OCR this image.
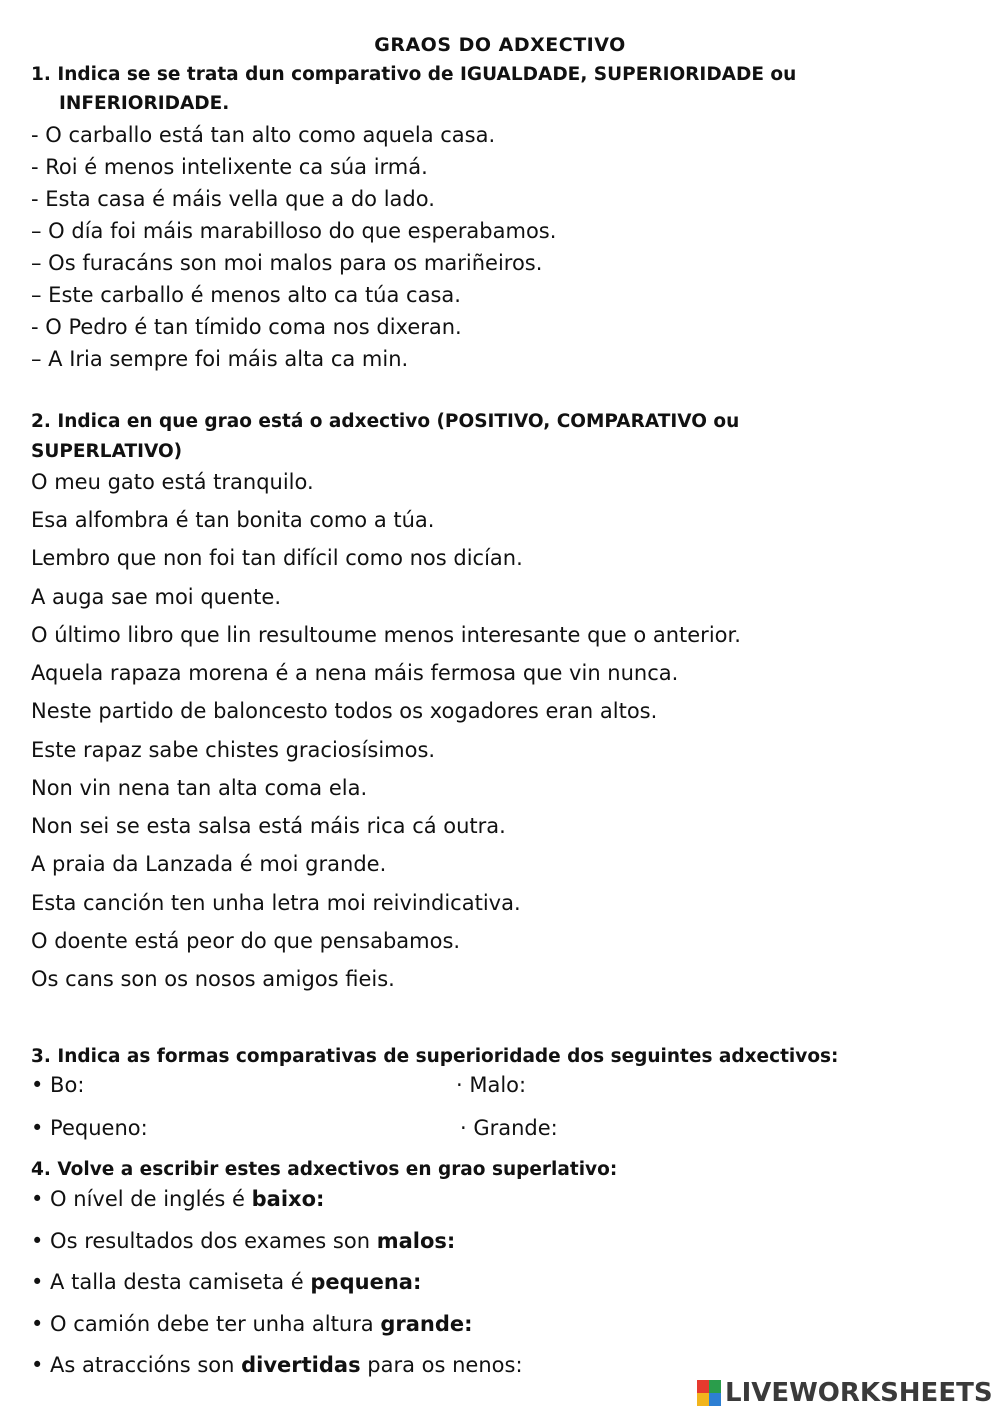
GRAOS DO ADXECTIVO
1. Indica se se trata dun comparativo de IGUALDADE, SUPERIORIDADE ou
INFERIORIDADE.
- O carballo está tan alto como aquela casa.
- Roi é menos intelixente ca súa irmá.
- Esta casa é máis vella que a do lado.
– O día foi máis marabilloso do que esperabamos.
– Os furacáns son moi malos para os mariñeiros.
– Este carballo é menos alto ca túa casa.
- O Pedro é tan tímido coma nos dixeran.
– A Iria sempre foi máis alta ca min.
2. Indica en que grao está o adxectivo (POSITIVO, COMPARATIVO ou
SUPERLATIVO)
O meu gato está tranquilo.
Esa alfombra é tan bonita como a túa.
Lembro que non foi tan difícil como nos dicían.
A auga sae moi quente.
O último libro que lin resultoume menos interesante que o anterior.
Aquela rapaza morena é a nena máis fermosa que vin nunca.
Neste partido de baloncesto todos os xogadores eran altos.
Este rapaz sabe chistes graciosísimos.
Non vin nena tan alta coma ela.
Non sei se esta salsa está máis rica cá outra.
A praia da Lanzada é moi grande.
Esta canción ten unha letra moi reivindicativa.
O doente está peor do que pensabamos.
Os cans son os nosos amigos fieis.
3. Indica as formas comparativas de superioridade dos seguintes adxectivos:
• Bo:	· Malo:
• Pequeno:	· Grande:
4. Volve a escribir estes adxectivos en grao superlativo:
• O nível de inglés é baixo:
• Os resultados dos exames son malos:
• A talla desta camiseta é pequena:
• O camión debe ter unha altura grande:
• As atraccións son divertidas para os nenos:
LIVEWORKSHEETS
